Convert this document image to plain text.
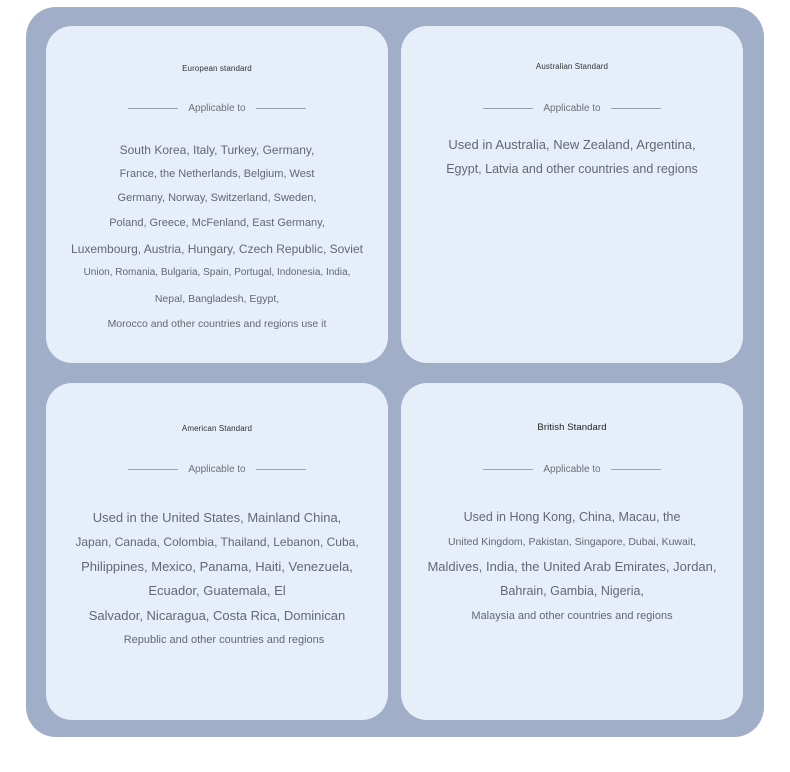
European standard
Applicable to
South Korea, Italy, Turkey, Germany,
France, the Netherlands, Belgium, West
Germany, Norway, Switzerland, Sweden,
Poland, Greece, McFenland, East Germany,
Luxembourg, Austria, Hungary, Czech Republic, Soviet
Union, Romania, Bulgaria, Spain, Portugal, Indonesia, India,
Nepal, Bangladesh, Egypt,
Morocco and other countries and regions use it
Australian Standard
Applicable to
Used in Australia, New Zealand, Argentina,
Egypt, Latvia and other countries and regions
American Standard
Applicable to
Used in the United States, Mainland China,
Japan, Canada, Colombia, Thailand, Lebanon, Cuba,
Philippines, Mexico, Panama, Haiti, Venezuela,
Ecuador, Guatemala, El
Salvador, Nicaragua, Costa Rica, Dominican
Republic and other countries and regions
British Standard
Applicable to
Used in Hong Kong, China, Macau, the
United Kingdom, Pakistan, Singapore, Dubai, Kuwait,
Maldives, India, the United Arab Emirates, Jordan,
Bahrain, Gambia, Nigeria,
Malaysia and other countries and regions
